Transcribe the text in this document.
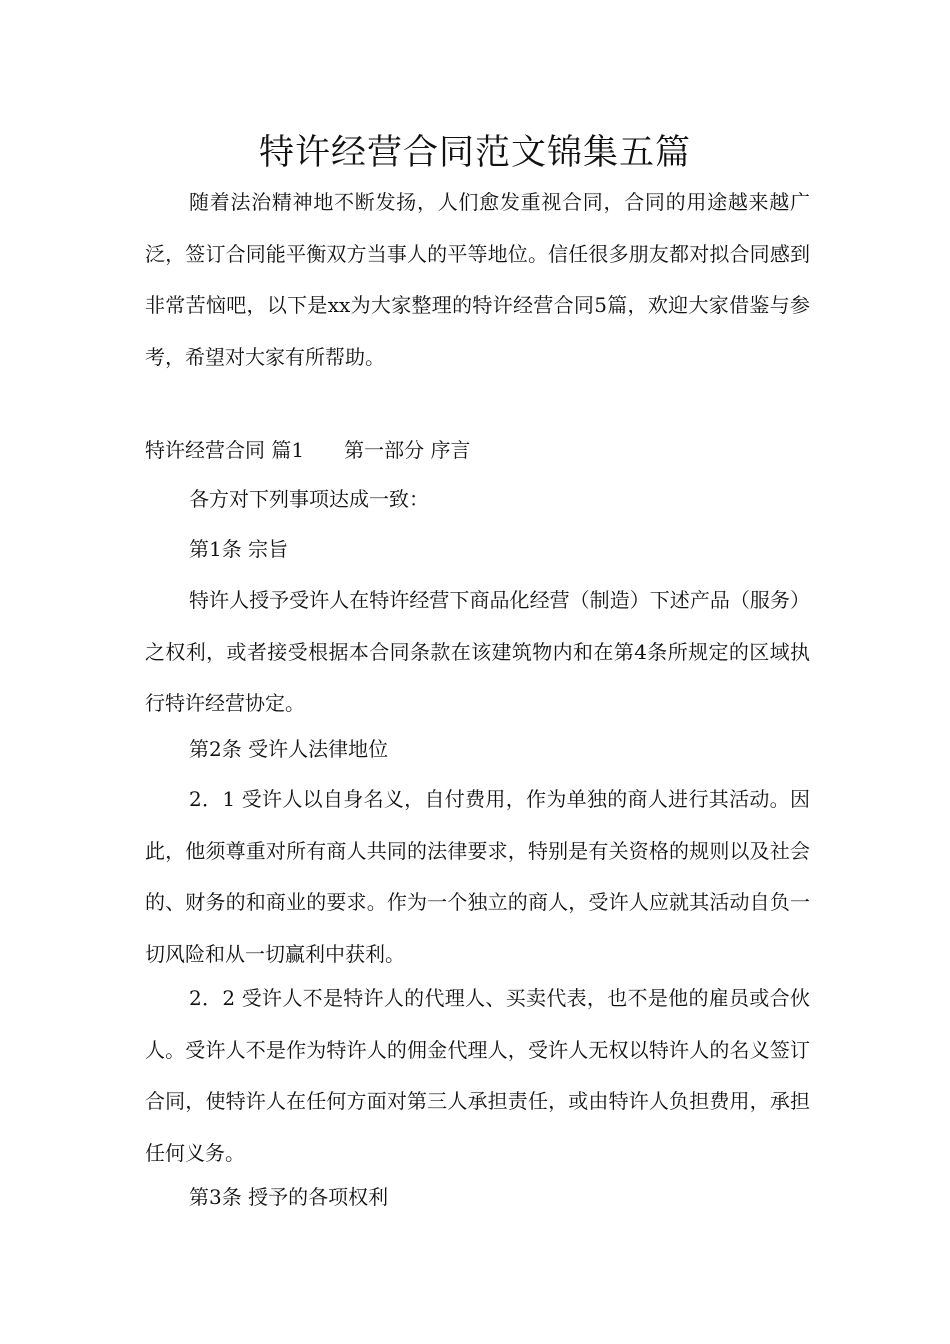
特许经营合同范文锦集五篇

随着法治精神地不断发扬，人们愈发重视合同，合同的用途越来越广泛，签订合同能平衡双方当事人的平等地位。信任很多朋友都对拟合同感到非常苦恼吧，以下是xx为大家整理的特许经营合同5篇，欢迎大家借鉴与参考，希望对大家有所帮助。

特许经营合同 篇1 第一部分 序言

各方对下列事项达成一致：

第1条 宗旨

特许人授予受许人在特许经营下商品化经营（制造）下述产品（服务）之权利，或者接受根据本合同条款在该建筑物内和在第4条所规定的区域执行特许经营协定。

第2条 受许人法律地位

2．1 受许人以自身名义，自付费用，作为单独的商人进行其活动。因此，他须尊重对所有商人共同的法律要求，特别是有关资格的规则以及社会的、财务的和商业的要求。作为一个独立的商人，受许人应就其活动自负一切风险和从一切赢利中获利。

2．2 受许人不是特许人的代理人、买卖代表，也不是他的雇员或合伙人。受许人不是作为特许人的佣金代理人，受许人无权以特许人的名义签订合同，使特许人在任何方面对第三人承担责任，或由特许人负担费用，承担任何义务。

第3条 授予的各项权利
